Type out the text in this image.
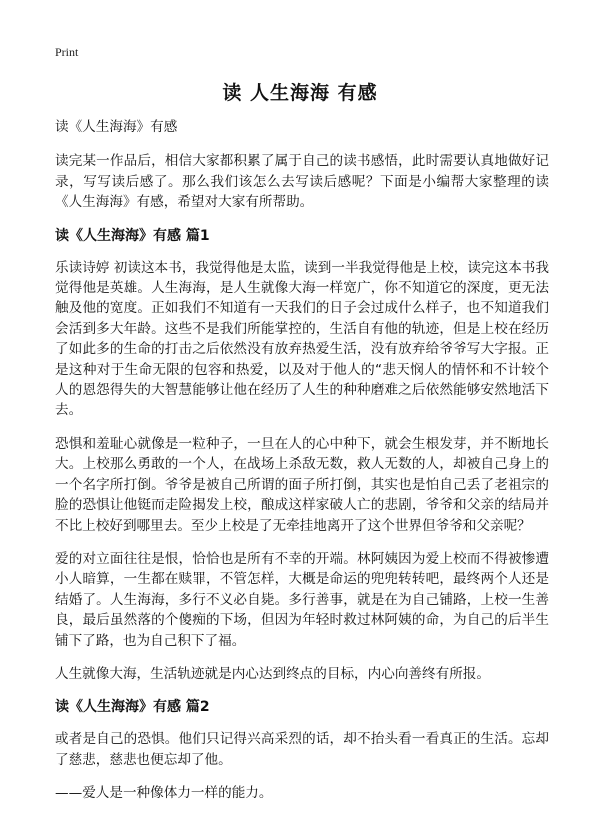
Print
读 人生海海 有感

读《人生海海》有感

读完某一作品后，相信大家都积累了属于自己的读书感悟，此时需要认真地做好记录，写写读后感了。那么我们该怎么去写读后感呢？下面是小编帮大家整理的读《人生海海》有感，希望对大家有所帮助。

读《人生海海》有感 篇1

乐读诗婷 初读这本书，我觉得他是太监，读到一半我觉得他是上校，读完这本书我觉得他是英雄。人生海海，是人生就像大海一样宽广，你不知道它的深度，更无法触及他的宽度。正如我们不知道有一天我们的日子会过成什么样子，也不知道我们会活到多大年龄。这些不是我们所能掌控的，生活自有他的轨迹，但是上校在经历了如此多的生命的打击之后依然没有放弃热爱生活，没有放弃给爷爷写大字报。正是这种对于生命无限的包容和热爱，以及对于他人的“悲天悯人的情怀和不计较个人的恩怨得失的大智慧能够让他在经历了人生的种种磨难之后依然能够安然地活下去。

恐惧和羞耻心就像是一粒种子，一旦在人的心中种下，就会生根发芽，并不断地长大。上校那么勇敢的一个人，在战场上杀敌无数，救人无数的人，却被自己身上的一个名字所打倒。爷爷是被自己所谓的面子所打倒，其实也是怕自己丢了老祖宗的脸的恐惧让他铤而走险揭发上校，酿成这样家破人亡的悲剧，爷爷和父亲的结局并不比上校好到哪里去。至少上校是了无牵挂地离开了这个世界但爷爷和父亲呢？

爱的对立面往往是恨，恰恰也是所有不幸的开端。林阿姨因为爱上校而不得被惨遭小人暗算，一生都在赎罪，不管怎样，大概是命运的兜兜转转吧，最终两个人还是结婚了。人生海海，多行不义必自毙。多行善事，就是在为自己铺路，上校一生善良，最后虽然落的个傻痴的下场，但因为年轻时救过林阿姨的命，为自己的后半生铺下了路，也为自己积下了福。

人生就像大海，生活轨迹就是内心达到终点的目标，内心向善终有所报。

读《人生海海》有感 篇2

或者是自己的恐惧。他们只记得兴高采烈的话，却不抬头看一看真正的生活。忘却了慈悲，慈悲也便忘却了他。

——爱人是一种像体力一样的能力。
